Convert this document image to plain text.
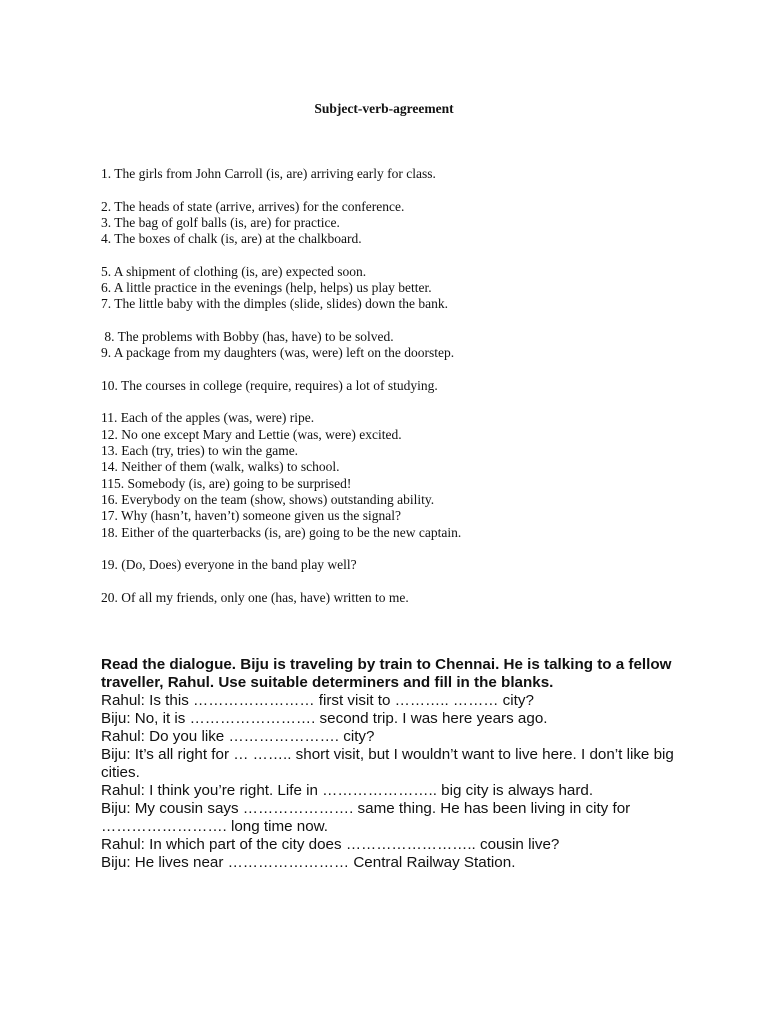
Subject-verb-agreement
1. The girls from John Carroll (is, are) arriving early for class.
2. The heads of state (arrive, arrives) for the conference.
3. The bag of golf balls (is, are) for practice.
4. The boxes of chalk (is, are) at the chalkboard.
5. A shipment of clothing (is, are) expected soon.
6. A little practice in the evenings (help, helps) us play better.
7. The little baby with the dimples (slide, slides) down the bank.
8. The problems with Bobby (has, have) to be solved.
9. A package from my daughters (was, were) left on the doorstep.
10. The courses in college (require, requires) a lot of studying.
11. Each of the apples (was, were) ripe.
12. No one except Mary and Lettie (was, were) excited.
13. Each (try, tries) to win the game.
14. Neither of them (walk, walks) to school.
115. Somebody (is, are) going to be surprised!
16. Everybody on the team (show, shows) outstanding ability.
17. Why (hasn’t, haven’t) someone given us the signal?
18. Either of the quarterbacks (is, are) going to be the new captain.
19. (Do, Does) everyone in the band play well?
20. Of all my friends, only one (has, have) written to me.
Read the dialogue. Biju is traveling by train to Chennai. He is talking to a fellow traveller, Rahul. Use suitable determiners and fill in the blanks.
Rahul: Is this …………………… first visit to ……….. ……… city?
Biju: No, it is ……………………. second trip. I was here years ago.
Rahul: Do you like …………………. city?
Biju: It’s all right for … …….. short visit, but I wouldn’t want to live here. I don’t like big cities.
Rahul: I think you’re right. Life in ………………….. big city is always hard.
Biju: My cousin says …………………. same thing. He has been living in city for ……………………. long time now.
Rahul: In which part of the city does …………………….. cousin live?
Biju: He lives near …………………… Central Railway Station.
